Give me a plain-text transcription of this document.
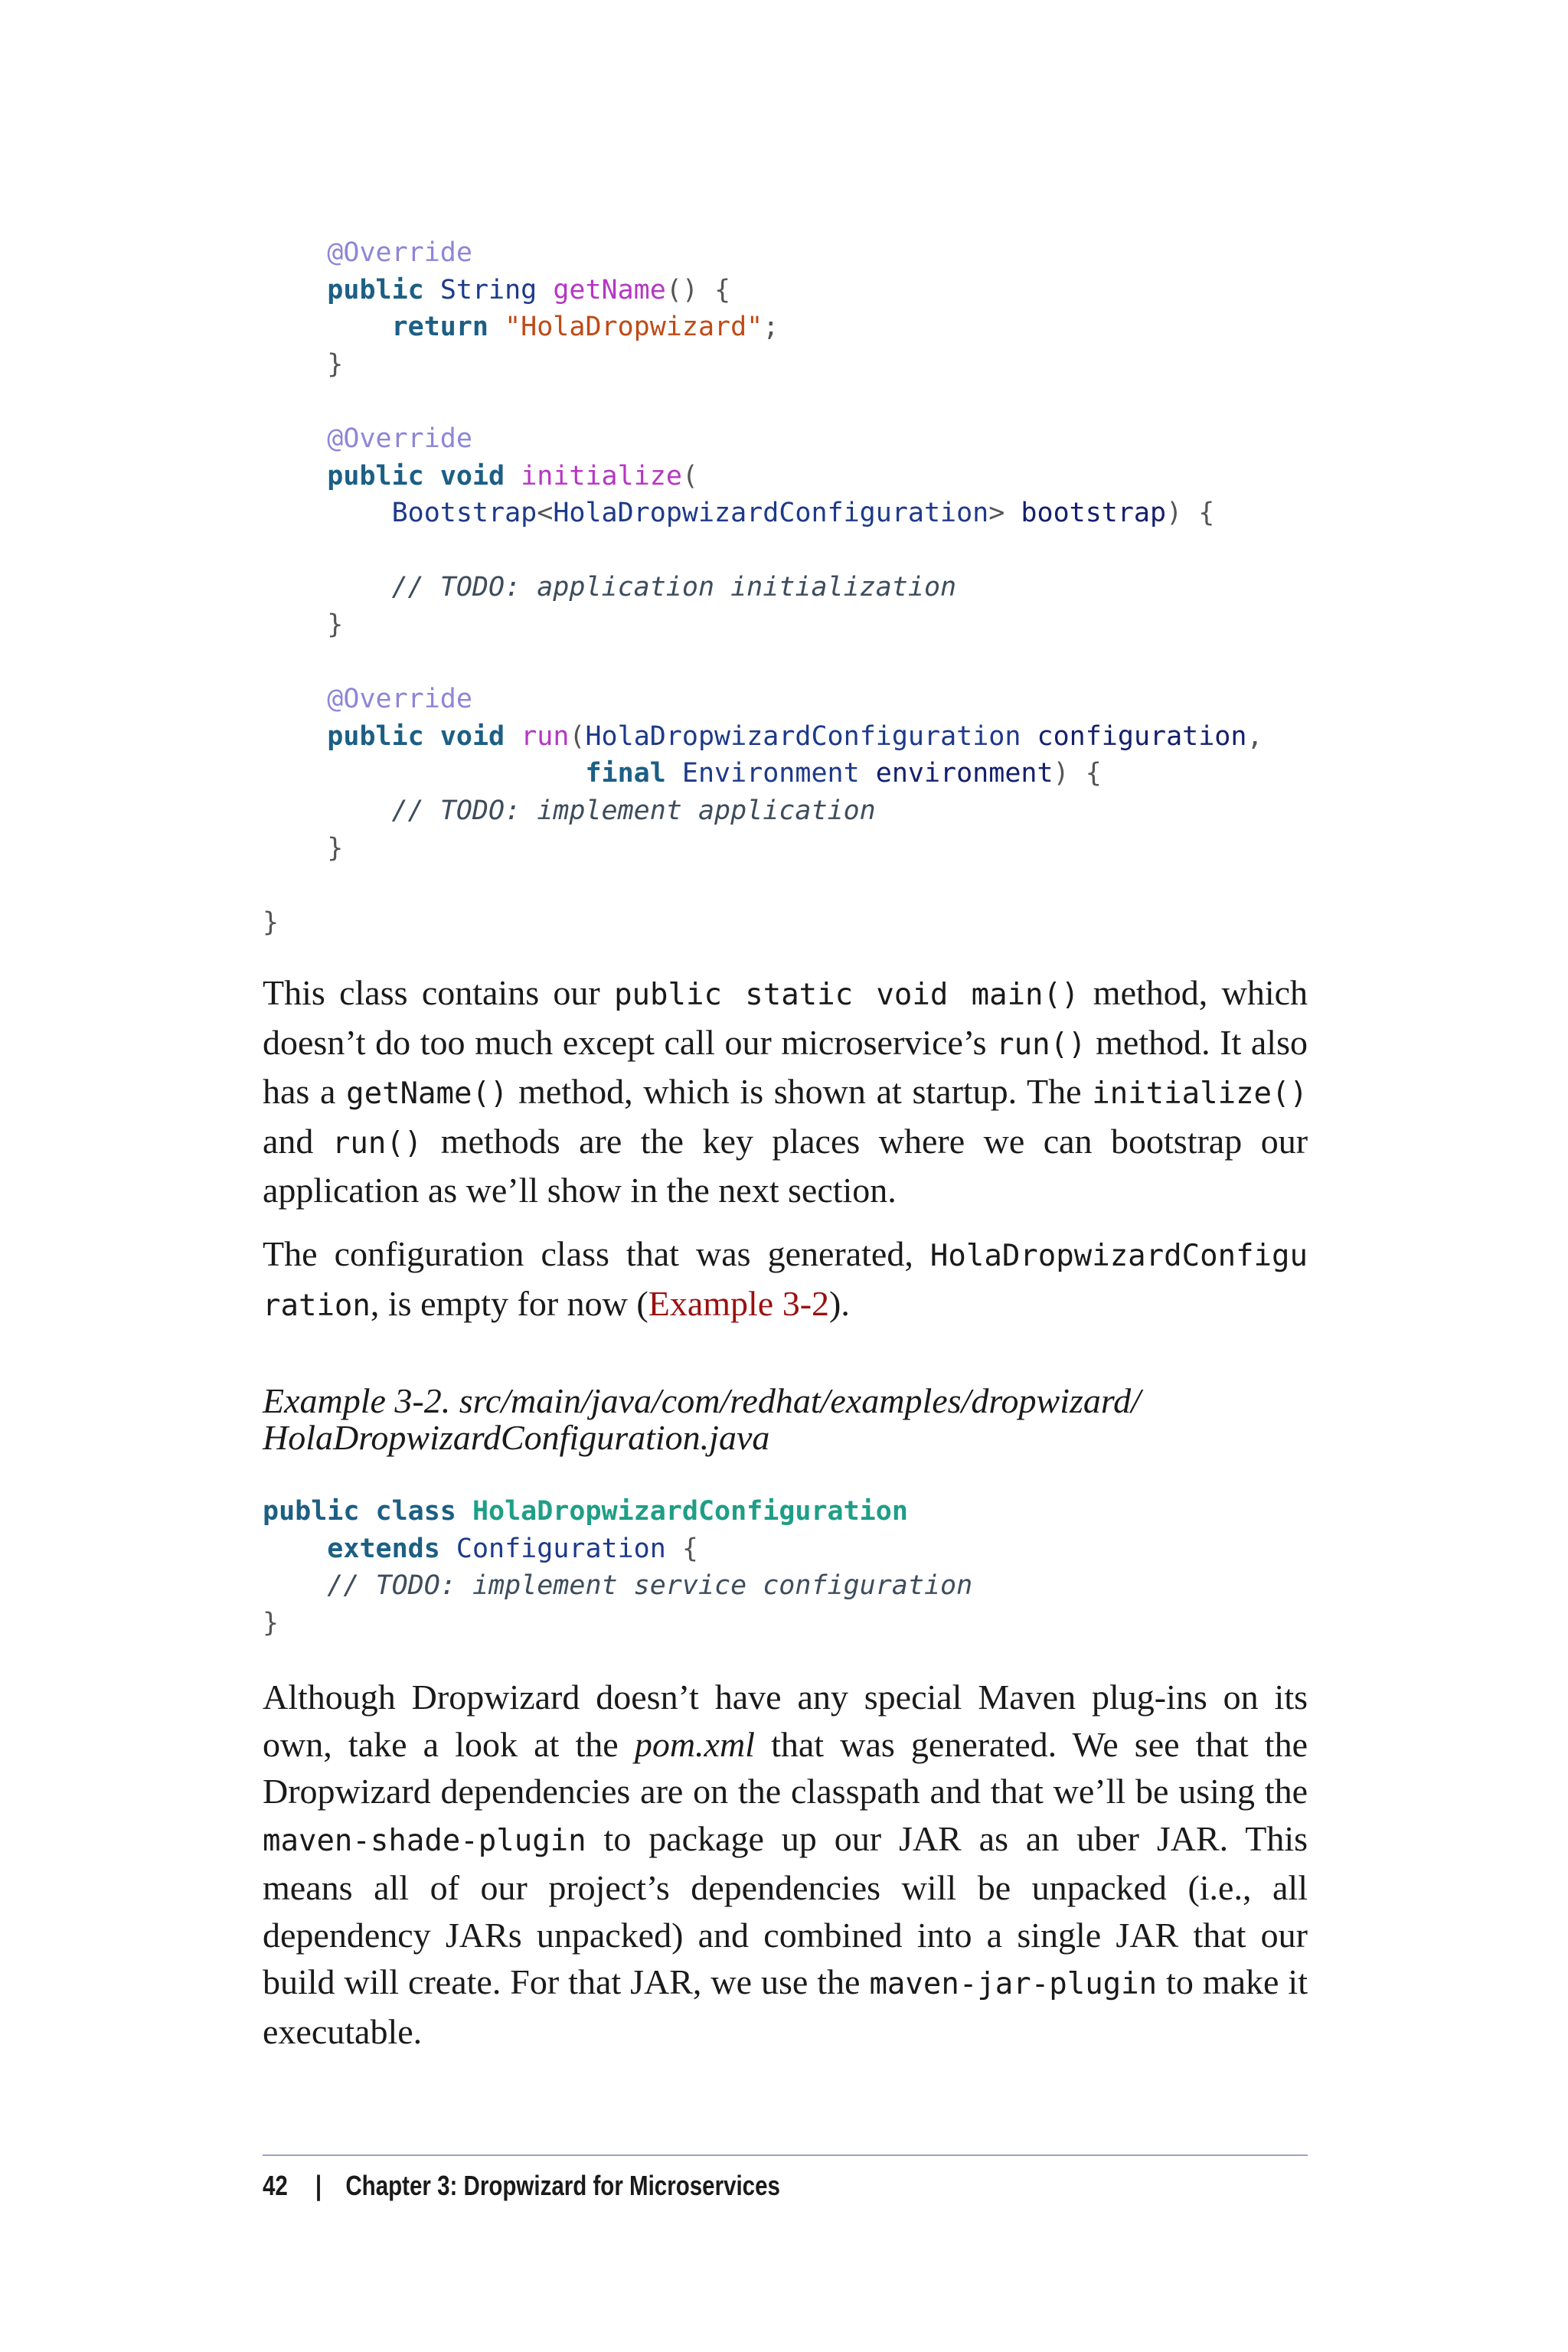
@Override
public String getName() {
return "HolaDropwizard";
}
@Override
public void initialize(
Bootstrap<HolaDropwizardConfiguration> bootstrap) {
// TODO: application initialization
}
@Override
public void run(HolaDropwizardConfiguration configuration,
final Environment environment) {
// TODO: implement application
}
}

This class contains our public static void main() method, which doesn’t do too much except call our microservice’s run() method. It also has a getName() method, which is shown at startup. The initialize() and run() methods are the key places where we can bootstrap our application as we’ll show in the next section.

The configuration class that was generated, HolaDropwizardConfigu​ration, is empty for now (Example 3-2).

Example 3-2. src/main/java/com/redhat/examples/dropwizard/
HolaDropwizardConfiguration.java
public class HolaDropwizardConfiguration
extends Configuration {
// TODO: implement service configuration
}

Although Dropwizard doesn’t have any special Maven plug-ins on its own, take a look at the pom.xml that was generated. We see that the Dropwizard dependencies are on the classpath and that we’ll be using the maven-shade-plugin to package up our JAR as an uber JAR. This means all of our project’s dependencies will be unpacked (i.e., all dependency JARs unpacked) and combined into a single JAR that our build will create. For that JAR, we use the maven-jar-​plugin to make it executable.

42 | Chapter 3: Dropwizard for Microservices
